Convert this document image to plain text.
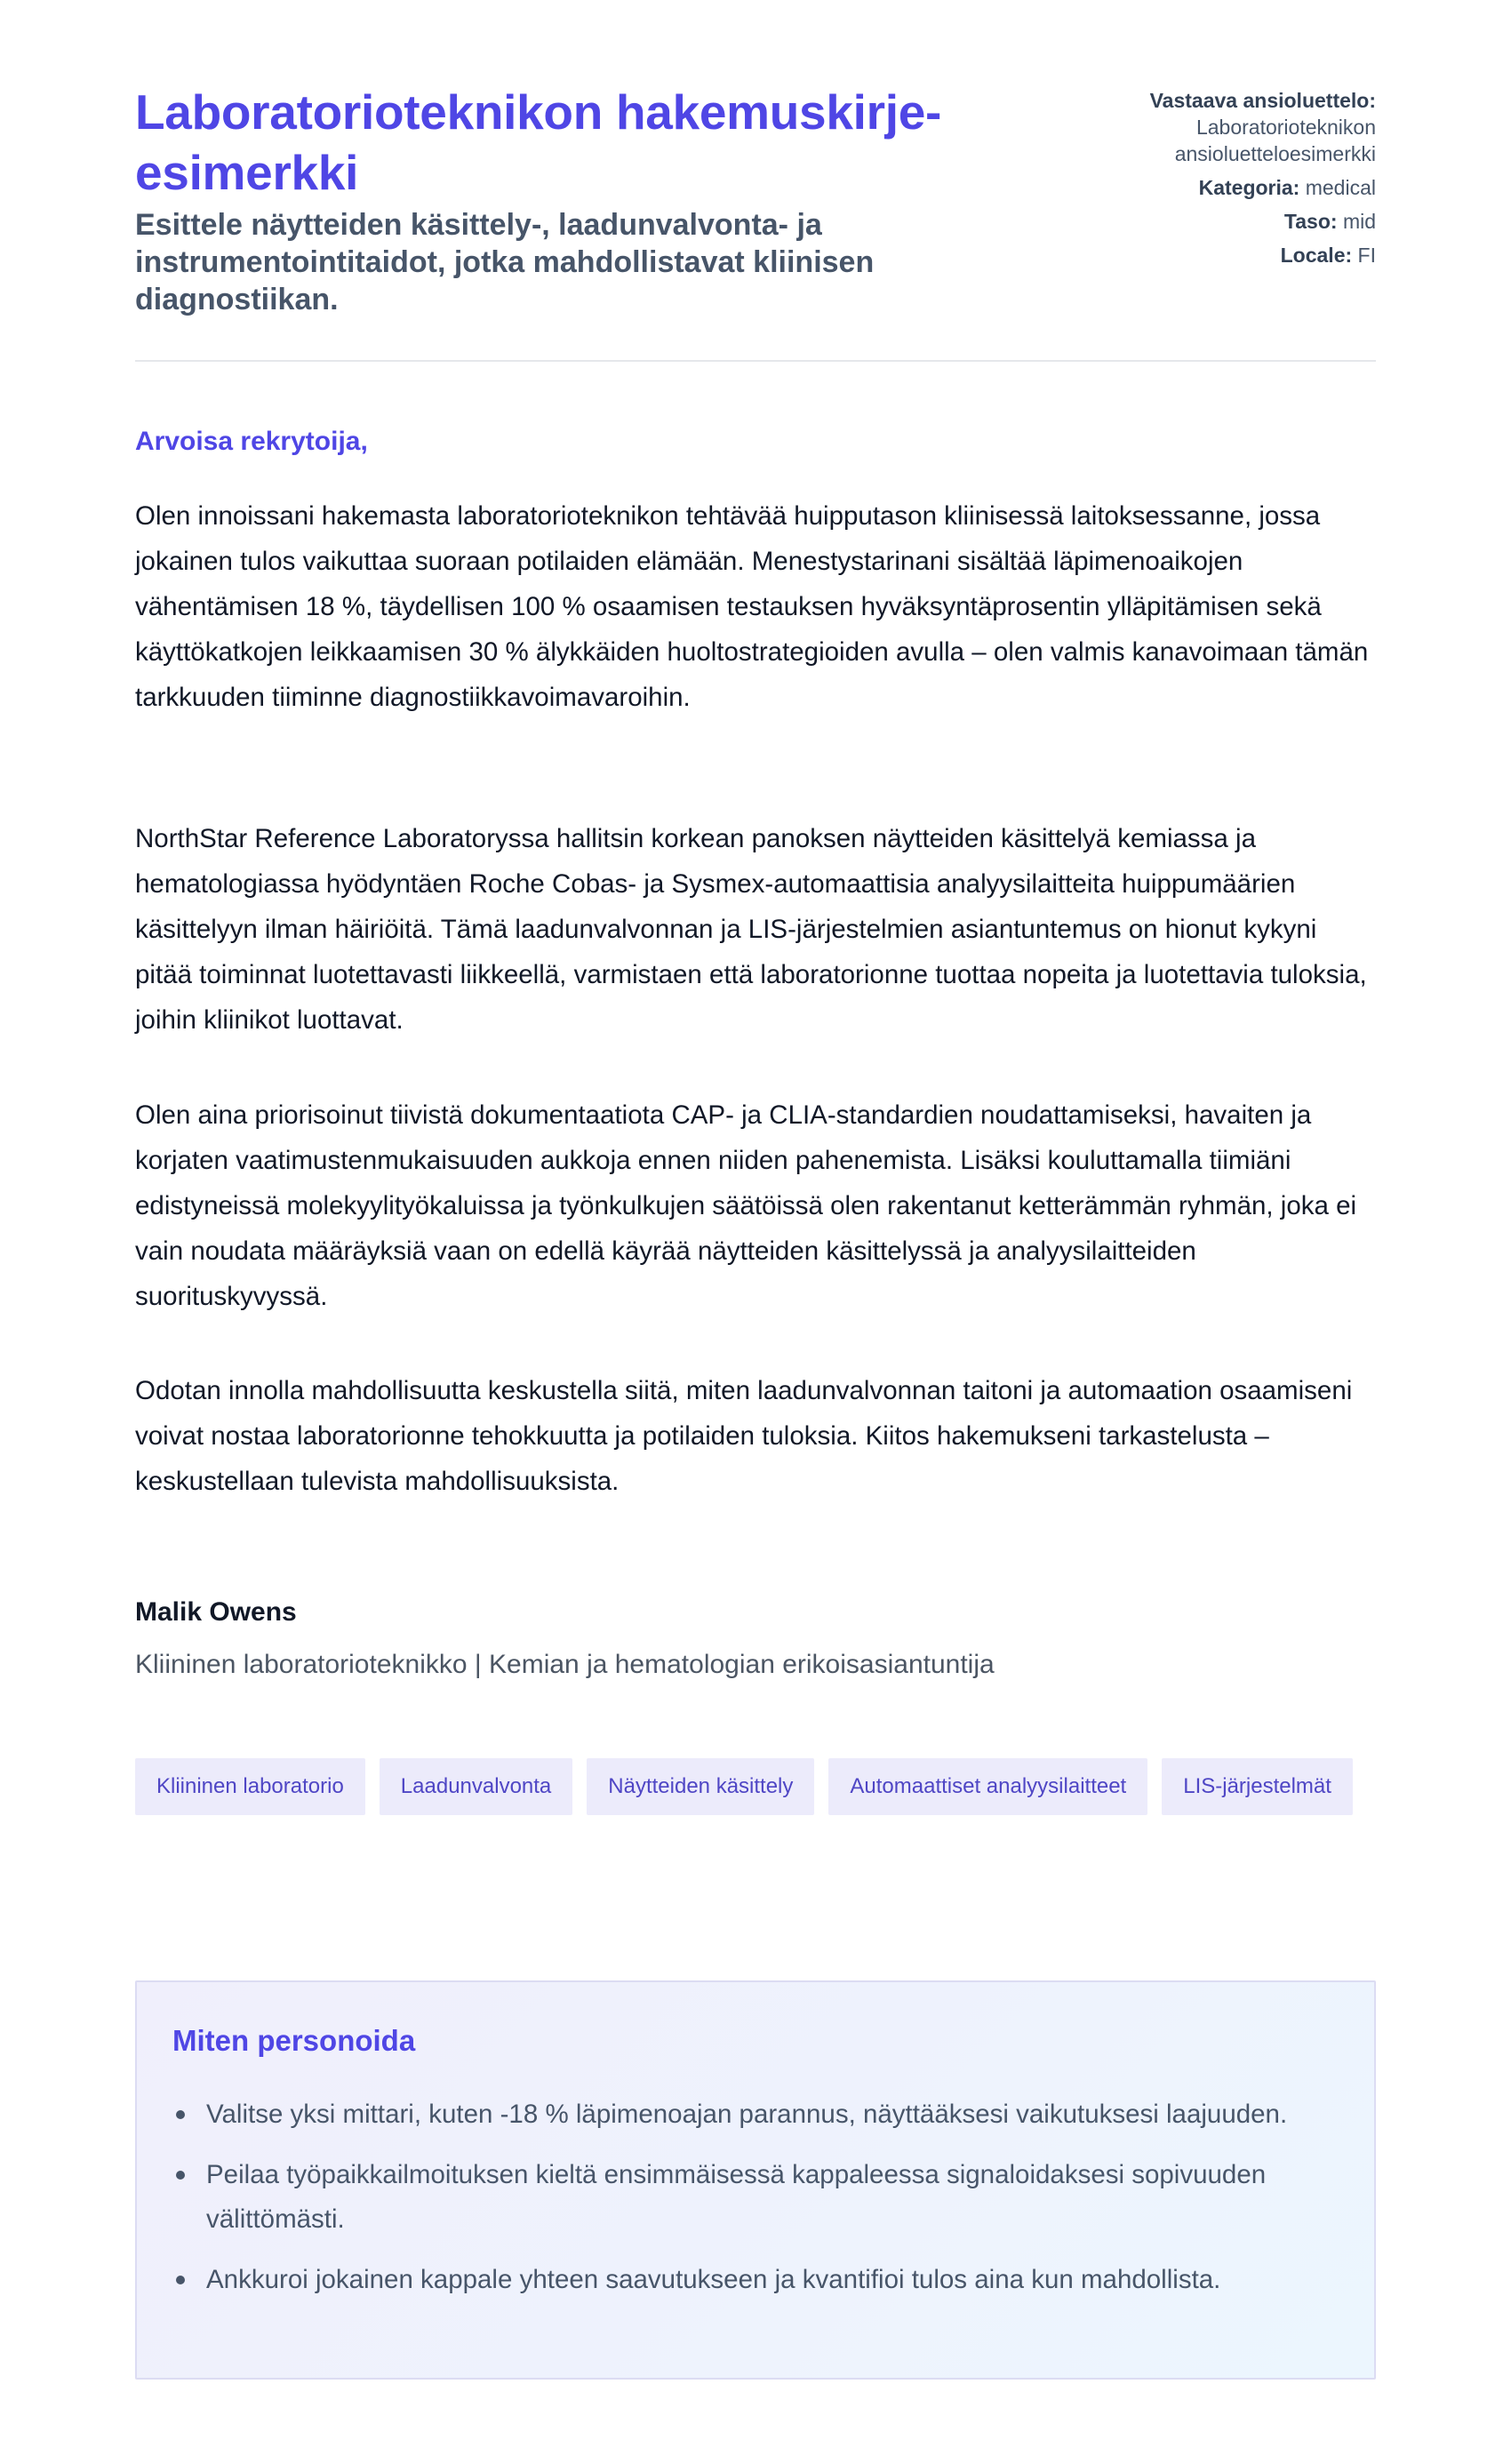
Laboratorioteknikon hakemuskirje-esimerkki

Esittele näytteiden käsittely-, laadunvalvonta- ja instrumentointitaidot, jotka mahdollistavat kliinisen diagnostiikan.

Vastaava ansioluettelo:
Laboratorioteknikon ansioluetteloesimerkki
Kategoria: medical
Taso: mid
Locale: FI
Arvoisa rekrytoija,

Olen innoissani hakemasta laboratorioteknikon tehtävää huipputason kliinisessä laitoksessanne, jossa jokainen tulos vaikuttaa suoraan potilaiden elämään. Menestystarinani sisältää läpimenoaikojen vähentämisen 18 %, täydellisen 100 % osaamisen testauksen hyväksyntäprosentin ylläpitämisen sekä käyttökatkojen leikkaamisen 30 % älykkäiden huoltostrategioiden avulla – olen valmis kanavoimaan tämän tarkkuuden tiiminne diagnostiikkavoimavaroihin.

NorthStar Reference Laboratoryssa hallitsin korkean panoksen näytteiden käsittelyä kemiassa ja hematologiassa hyödyntäen Roche Cobas- ja Sysmex-automaattisia analyysilaitteita huippumäärien käsittelyyn ilman häiriöitä. Tämä laadunvalvonnan ja LIS-järjestelmien asiantuntemus on hionut kykyni pitää toiminnat luotettavasti liikkeellä, varmistaen että laboratorionne tuottaa nopeita ja luotettavia tuloksia, joihin kliinikot luottavat.

Olen aina priorisoinut tiivistä dokumentaatiota CAP- ja CLIA-standardien noudattamiseksi, havaiten ja korjaten vaatimustenmukaisuuden aukkoja ennen niiden pahenemista. Lisäksi kouluttamalla tiimiäni edistyneissä molekyylityökaluissa ja työnkulkujen säätöissä olen rakentanut ketterämmän ryhmän, joka ei vain noudata määräyksiä vaan on edellä käyrää näytteiden käsittelyssä ja analyysilaitteiden suorituskyvyssä.

Odotan innolla mahdollisuutta keskustella siitä, miten laadunvalvonnan taitoni ja automaation osaamiseni voivat nostaa laboratorionne tehokkuutta ja potilaiden tuloksia. Kiitos hakemukseni tarkastelusta – keskustellaan tulevista mahdollisuuksista.

Malik Owens
Kliininen laboratorioteknikko | Kemian ja hematologian erikoisasiantuntija
Kliininen laboratorio	Laadunvalvonta	Näytteiden käsittely	Automaattiset analyysilaitteet	LIS-järjestelmät
Miten personoida
Valitse yksi mittari, kuten -18 % läpimenoajan parannus, näyttääksesi vaikutuksesi laajuuden.
Peilaa työpaikkailmoituksen kieltä ensimmäisessä kappaleessa signaloidaksesi sopivuuden välittömästi.
Ankkuroi jokainen kappale yhteen saavutukseen ja kvantifioi tulos aina kun mahdollista.
